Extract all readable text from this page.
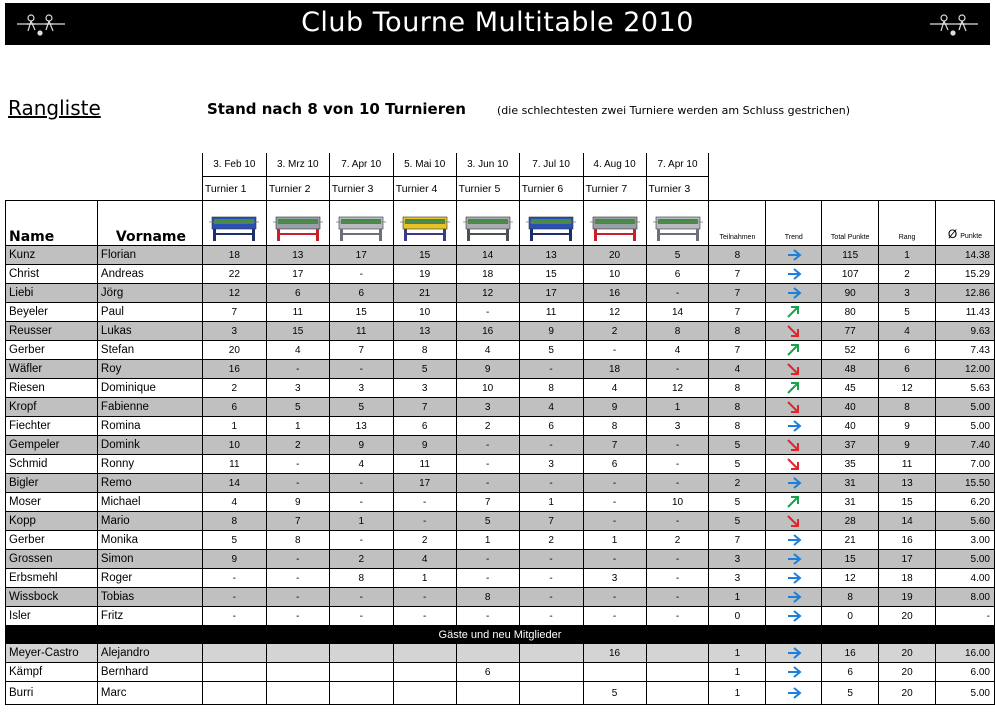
Club Tourne Multitable 2010
Rangliste	Stand nach 8 von 10 Turnieren	(die schlechtesten zwei Turniere werden am Schluss gestrichen)
		3. Feb 10	3. Mrz 10	7. Apr 10	5. Mai 10	3. Jun 10	7. Jul 10	4. Aug 10	7. Apr 10					
		Turnier 1	Turnier 2	Turnier 3	Turnier 4	Turnier 5	Turnier 6	Turnier 7	Turnier 3					
Name	Vorname									Teilnahmen	Trend	Total Punkte	Rang	Ø Punkte
Kunz	Florian	18	13	17	15	14	13	20	5	8		115	1	14.38
Christ	Andreas	22	17	-	19	18	15	10	6	7		107	2	15.29
Liebi	Jörg	12	6	6	21	12	17	16	-	7		90	3	12.86
Beyeler	Paul	7	11	15	10	-	11	12	14	7		80	5	11.43
Reusser	Lukas	3	15	11	13	16	9	2	8	8		77	4	9.63
Gerber	Stefan	20	4	7	8	4	5	-	4	7		52	6	7.43
Wäfler	Roy	16	-	-	5	9	-	18	-	4		48	6	12.00
Riesen	Dominique	2	3	3	3	10	8	4	12	8		45	12	5.63
Kropf	Fabienne	6	5	5	7	3	4	9	1	8		40	8	5.00
Fiechter	Romina	1	1	13	6	2	6	8	3	8		40	9	5.00
Gempeler	Domink	10	2	9	9	-	-	7	-	5		37	9	7.40
Schmid	Ronny	11	-	4	11	-	3	6	-	5		35	11	7.00
Bigler	Remo	14	-	-	17	-	-	-	-	2		31	13	15.50
Moser	Michael	4	9	-	-	7	1	-	10	5		31	15	6.20
Kopp	Mario	8	7	1	-	5	7	-	-	5		28	14	5.60
Gerber	Monika	5	8	-	2	1	2	1	2	7		21	16	3.00
Grossen	Simon	9	-	2	4	-	-	-	-	3		15	17	5.00
Erbsmehl	Roger	-	-	8	1	-	-	3	-	3		12	18	4.00
Wissbock	Tobias	-	-	-	-	8	-	-	-	1		8	19	8.00
Isler	Fritz	-	-	-	-	-	-	-	-	0		0	20	-
Gäste und neu Mitglieder														
Meyer-Castro	Alejandro							16		1		16	20	16.00
Kämpf	Bernhard					6				1		6	20	6.00
Burri	Marc							5		1		5	20	5.00
